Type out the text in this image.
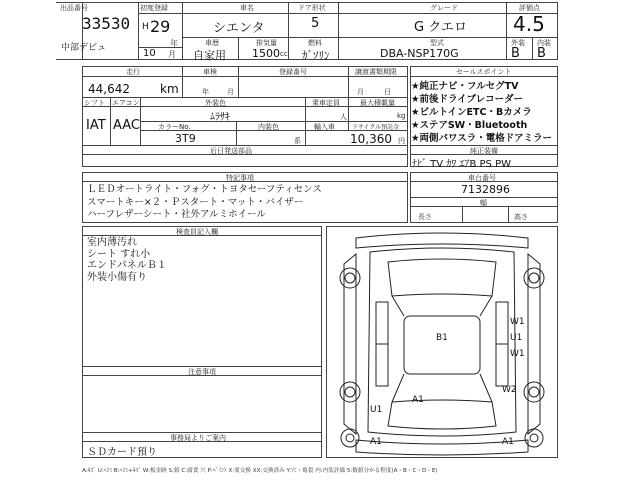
出品番号
33530
初度登録
H 29
年
10 月
中部デビュ
車名
シエンタ
ドア形状
5
グレード
G クエロ
評価点
4.5
車歴
自家用
排気量
1500 cc
燃料
ｶﾞｿﾘﾝ
型式
DBA-NSP170G
外装 内装
B B
走行
44,642	km
車検
年	月
登録番号	譲渡書類期限
月	日
シフト
IAT
エアコン
AAC
外装色
ﾑﾗｻｷ
乗車定員
人
最大積載量
kg
カラーNo.
3T9
内装色
系
輸入車	リサイクル預託金
10,360 円
后日発送部品
セールスポイント
★純正ナビ・フルセグTV
★前後ドライブレコーダー
★ビルトインETC・Bカメラ
★ステアSW・Bluetooth
★両側パワスラ・電格ドアミラー
純正装備
ﾅﾋﾞ TV ｶﾜ ｴｱB PS PW
特記事項
ＬＥＤオートライト・フォグ・トヨタセーフティセンス
スマートキー×２・Ｐスタート・マット・バイザー
ハーフレザーシート・社外アルミホイール
車台番号
7132896
長さ
幅
高さ
検査員記入欄
室内薄汚れ
シート すれ小
エンドパネルＢ１
外装小傷有り
注意事項
事務局よりご案内
ＳＤカード預り
B1
W1
U1
W1
W2
A1
U1
A1	A1
A:ｷｽﾞ U:ﾍｺﾐ B:ﾍｺﾐ+ｷｽﾞ W:板金跡 S:錆 C:腐食 穴 P:ﾍﾟｲﾝﾄ X:要交換 XX:交換済み Y:穴・亀裂 内:内装評価 5:数値分かる程度(A・B・C・D・E)
